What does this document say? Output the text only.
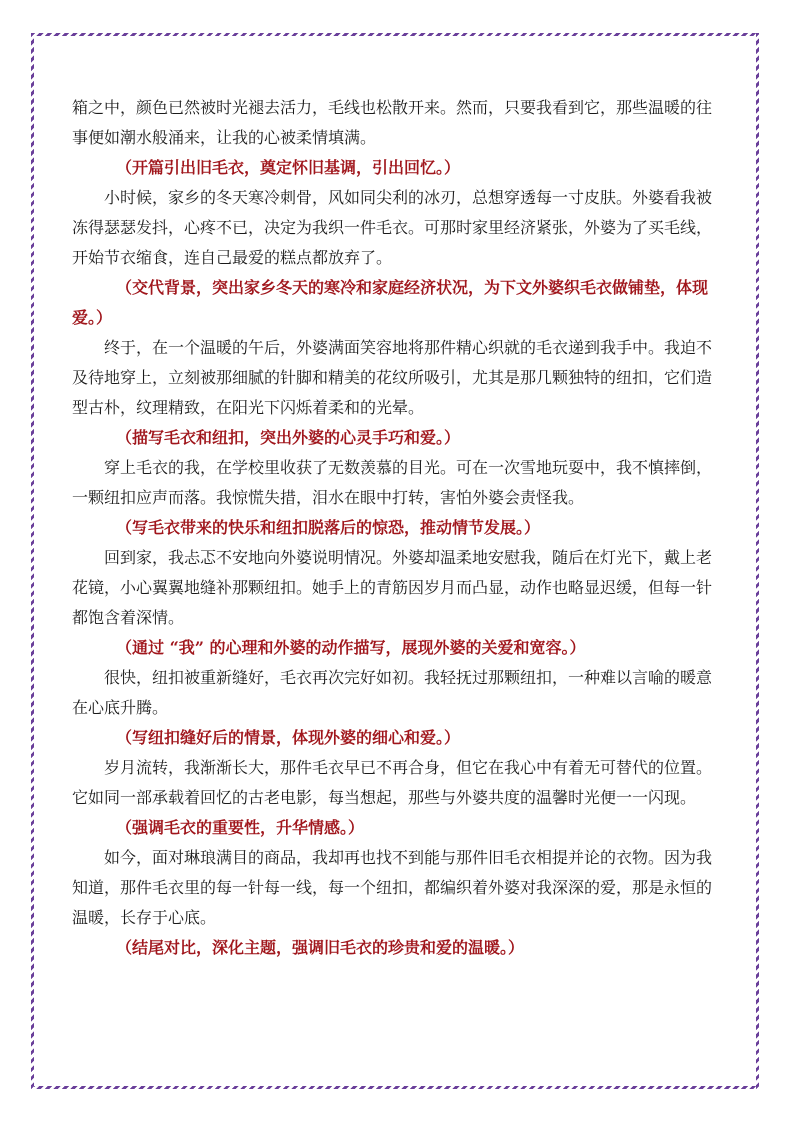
箱之中，颜色已然被时光褪去活力，毛线也松散开来。然而，只要我看到它，那些温暖的往事便如潮水般涌来，让我的心被柔情填满。

（开篇引出旧毛衣，奠定怀旧基调，引出回忆。）

小时候，家乡的冬天寒冷刺骨，风如同尖利的冰刃，总想穿透每一寸皮肤。外婆看我被冻得瑟瑟发抖，心疼不已，决定为我织一件毛衣。可那时家里经济紧张，外婆为了买毛线，开始节衣缩食，连自己最爱的糕点都放弃了。

（交代背景，突出家乡冬天的寒冷和家庭经济状况，为下文外婆织毛衣做铺垫，体现爱。）

终于，在一个温暖的午后，外婆满面笑容地将那件精心织就的毛衣递到我手中。我迫不及待地穿上，立刻被那细腻的针脚和精美的花纹所吸引，尤其是那几颗独特的纽扣，它们造型古朴，纹理精致，在阳光下闪烁着柔和的光晕。

（描写毛衣和纽扣，突出外婆的心灵手巧和爱。）

穿上毛衣的我，在学校里收获了无数羡慕的目光。可在一次雪地玩耍中，我不慎摔倒，一颗纽扣应声而落。我惊慌失措，泪水在眼中打转，害怕外婆会责怪我。

（写毛衣带来的快乐和纽扣脱落后的惊恐，推动情节发展。）

回到家，我忐忑不安地向外婆说明情况。外婆却温柔地安慰我，随后在灯光下，戴上老花镜，小心翼翼地缝补那颗纽扣。她手上的青筋因岁月而凸显，动作也略显迟缓，但每一针都饱含着深情。

（通过 “我” 的心理和外婆的动作描写，展现外婆的关爱和宽容。）

很快，纽扣被重新缝好，毛衣再次完好如初。我轻抚过那颗纽扣，一种难以言喻的暖意在心底升腾。

（写纽扣缝好后的情景，体现外婆的细心和爱。）

岁月流转，我渐渐长大，那件毛衣早已不再合身，但它在我心中有着无可替代的位置。它如同一部承载着回忆的古老电影，每当想起，那些与外婆共度的温馨时光便一一闪现。

（强调毛衣的重要性，升华情感。）

如今，面对琳琅满目的商品，我却再也找不到能与那件旧毛衣相提并论的衣物。因为我知道，那件毛衣里的每一针每一线，每一个纽扣，都编织着外婆对我深深的爱，那是永恒的温暖，长存于心底。

（结尾对比，深化主题，强调旧毛衣的珍贵和爱的温暖。）
